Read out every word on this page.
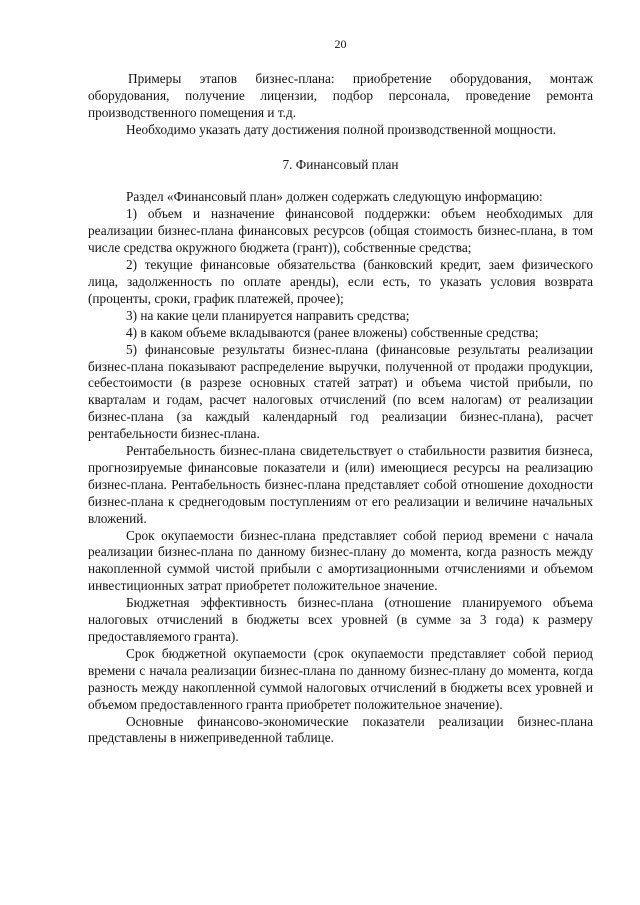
20

Примеры этапов бизнес-плана: приобретение оборудования, монтаж оборудования, получение лицензии, подбор персонала, проведение ремонта производственного помещения и т.д.

Необходимо указать дату достижения полной производственной мощности.

7. Финансовый план

Раздел «Финансовый план» должен содержать следующую информацию:

1) объем и назначение финансовой поддержки: объем необходимых для реализации бизнес-плана финансовых ресурсов (общая стоимость бизнес-плана, в том числе средства окружного бюджета (грант)), собственные средства;

2) текущие финансовые обязательства (банковский кредит, заем физического лица, задолженность по оплате аренды), если есть, то указать условия возврата (проценты, сроки, график платежей, прочее);

3) на какие цели планируется направить средства;

4) в каком объеме вкладываются (ранее вложены) собственные средства;

5) финансовые результаты бизнес-плана (финансовые результаты реализации бизнес-плана показывают распределение выручки, полученной от продажи продукции, себестоимости (в разрезе основных статей затрат) и объема чистой прибыли, по кварталам и годам, расчет налоговых отчислений (по всем налогам) от реализации бизнес-плана (за каждый календарный год реализации бизнес-плана), расчет рентабельности бизнес-плана.

Рентабельность бизнес-плана свидетельствует о стабильности развития бизнеса, прогнозируемые финансовые показатели и (или) имеющиеся ресурсы на реализацию бизнес-плана. Рентабельность бизнес-плана представляет собой отношение доходности бизнес-плана к среднегодовым поступлениям от его реализации и величине начальных вложений.

Срок окупаемости бизнес-плана представляет собой период времени с начала реализации бизнес-плана по данному бизнес-плану до момента, когда разность между накопленной суммой чистой прибыли с амортизационными отчислениями и объемом инвестиционных затрат приобретет положительное значение.

Бюджетная эффективность бизнес-плана (отношение планируемого объема налоговых отчислений в бюджеты всех уровней (в сумме за 3 года) к размеру предоставляемого гранта).

Срок бюджетной окупаемости (срок окупаемости представляет собой период времени с начала реализации бизнес-плана по данному бизнес-плану до момента, когда разность между накопленной суммой налоговых отчислений в бюджеты всех уровней и объемом предоставленного гранта приобретет положительное значение).

Основные финансово-экономические показатели реализации бизнес-плана представлены в нижеприведенной таблице.
